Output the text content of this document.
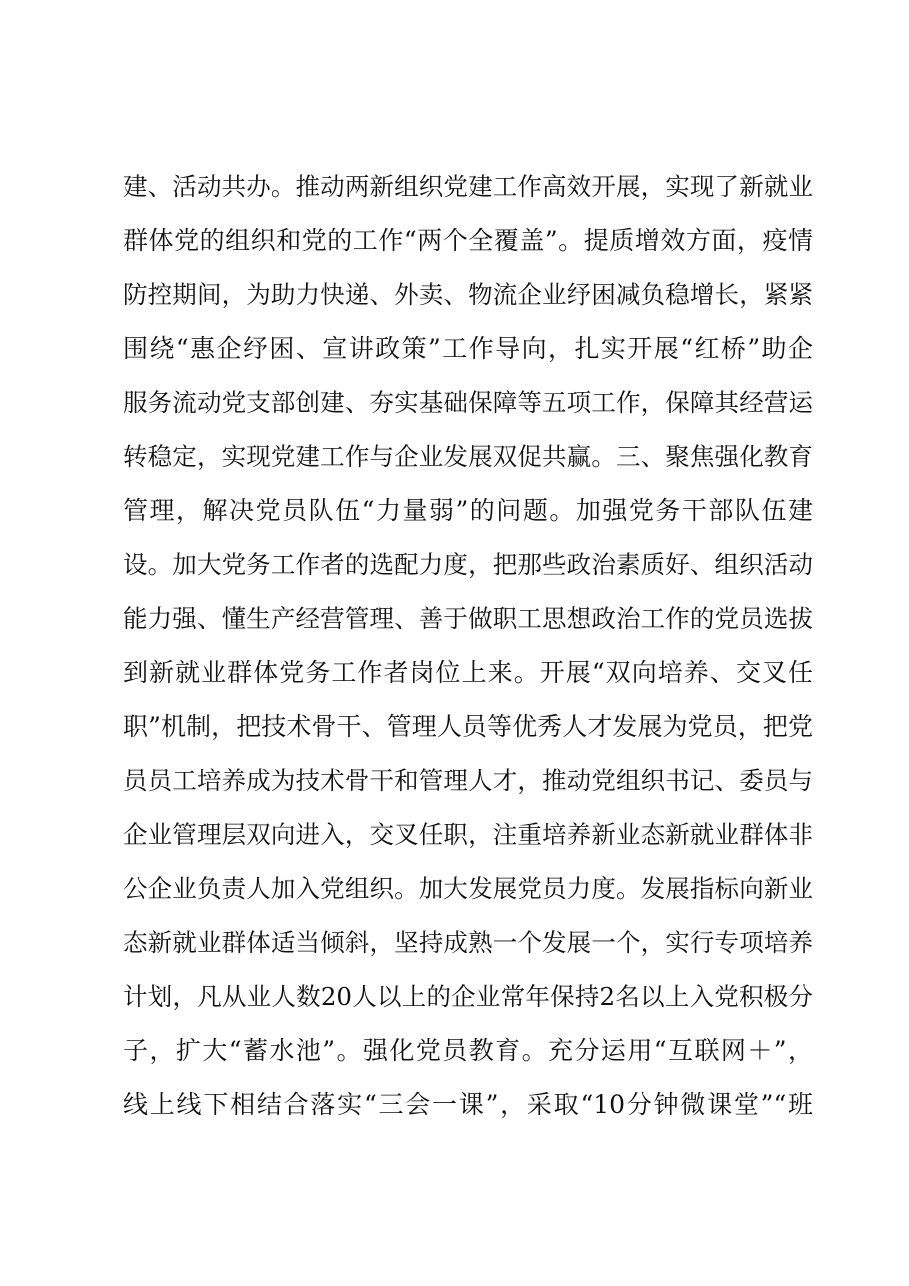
建、活动共办。推动两新组织党建工作高效开展，实现了新就业
群体党的组织和党的工作“两个全覆盖”。提质增效方面，疫情
防控期间，为助力快递、外卖、物流企业纾困减负稳增长，紧紧
围绕“惠企纾困、宣讲政策”工作导向，扎实开展“红桥”助企
服务流动党支部创建、夯实基础保障等五项工作，保障其经营运
转稳定，实现党建工作与企业发展双促共赢。三、聚焦强化教育
管理，解决党员队伍“力量弱”的问题。加强党务干部队伍建
设。加大党务工作者的选配力度，把那些政治素质好、组织活动
能力强、懂生产经营管理、善于做职工思想政治工作的党员选拔
到新就业群体党务工作者岗位上来。开展“双向培养、交叉任
职”机制，把技术骨干、管理人员等优秀人才发展为党员，把党
员员工培养成为技术骨干和管理人才，推动党组织书记、委员与
企业管理层双向进入，交叉任职，注重培养新业态新就业群体非
公企业负责人加入党组织。加大发展党员力度。发展指标向新业
态新就业群体适当倾斜，坚持成熟一个发展一个，实行专项培养
计划，凡从业人数20人以上的企业常年保持2名以上入党积极分
子，扩大“蓄水池”。强化党员教育。充分运用“互联网＋”，
线上线下相结合落实“三会一课”，采取“10分钟微课堂”“班
